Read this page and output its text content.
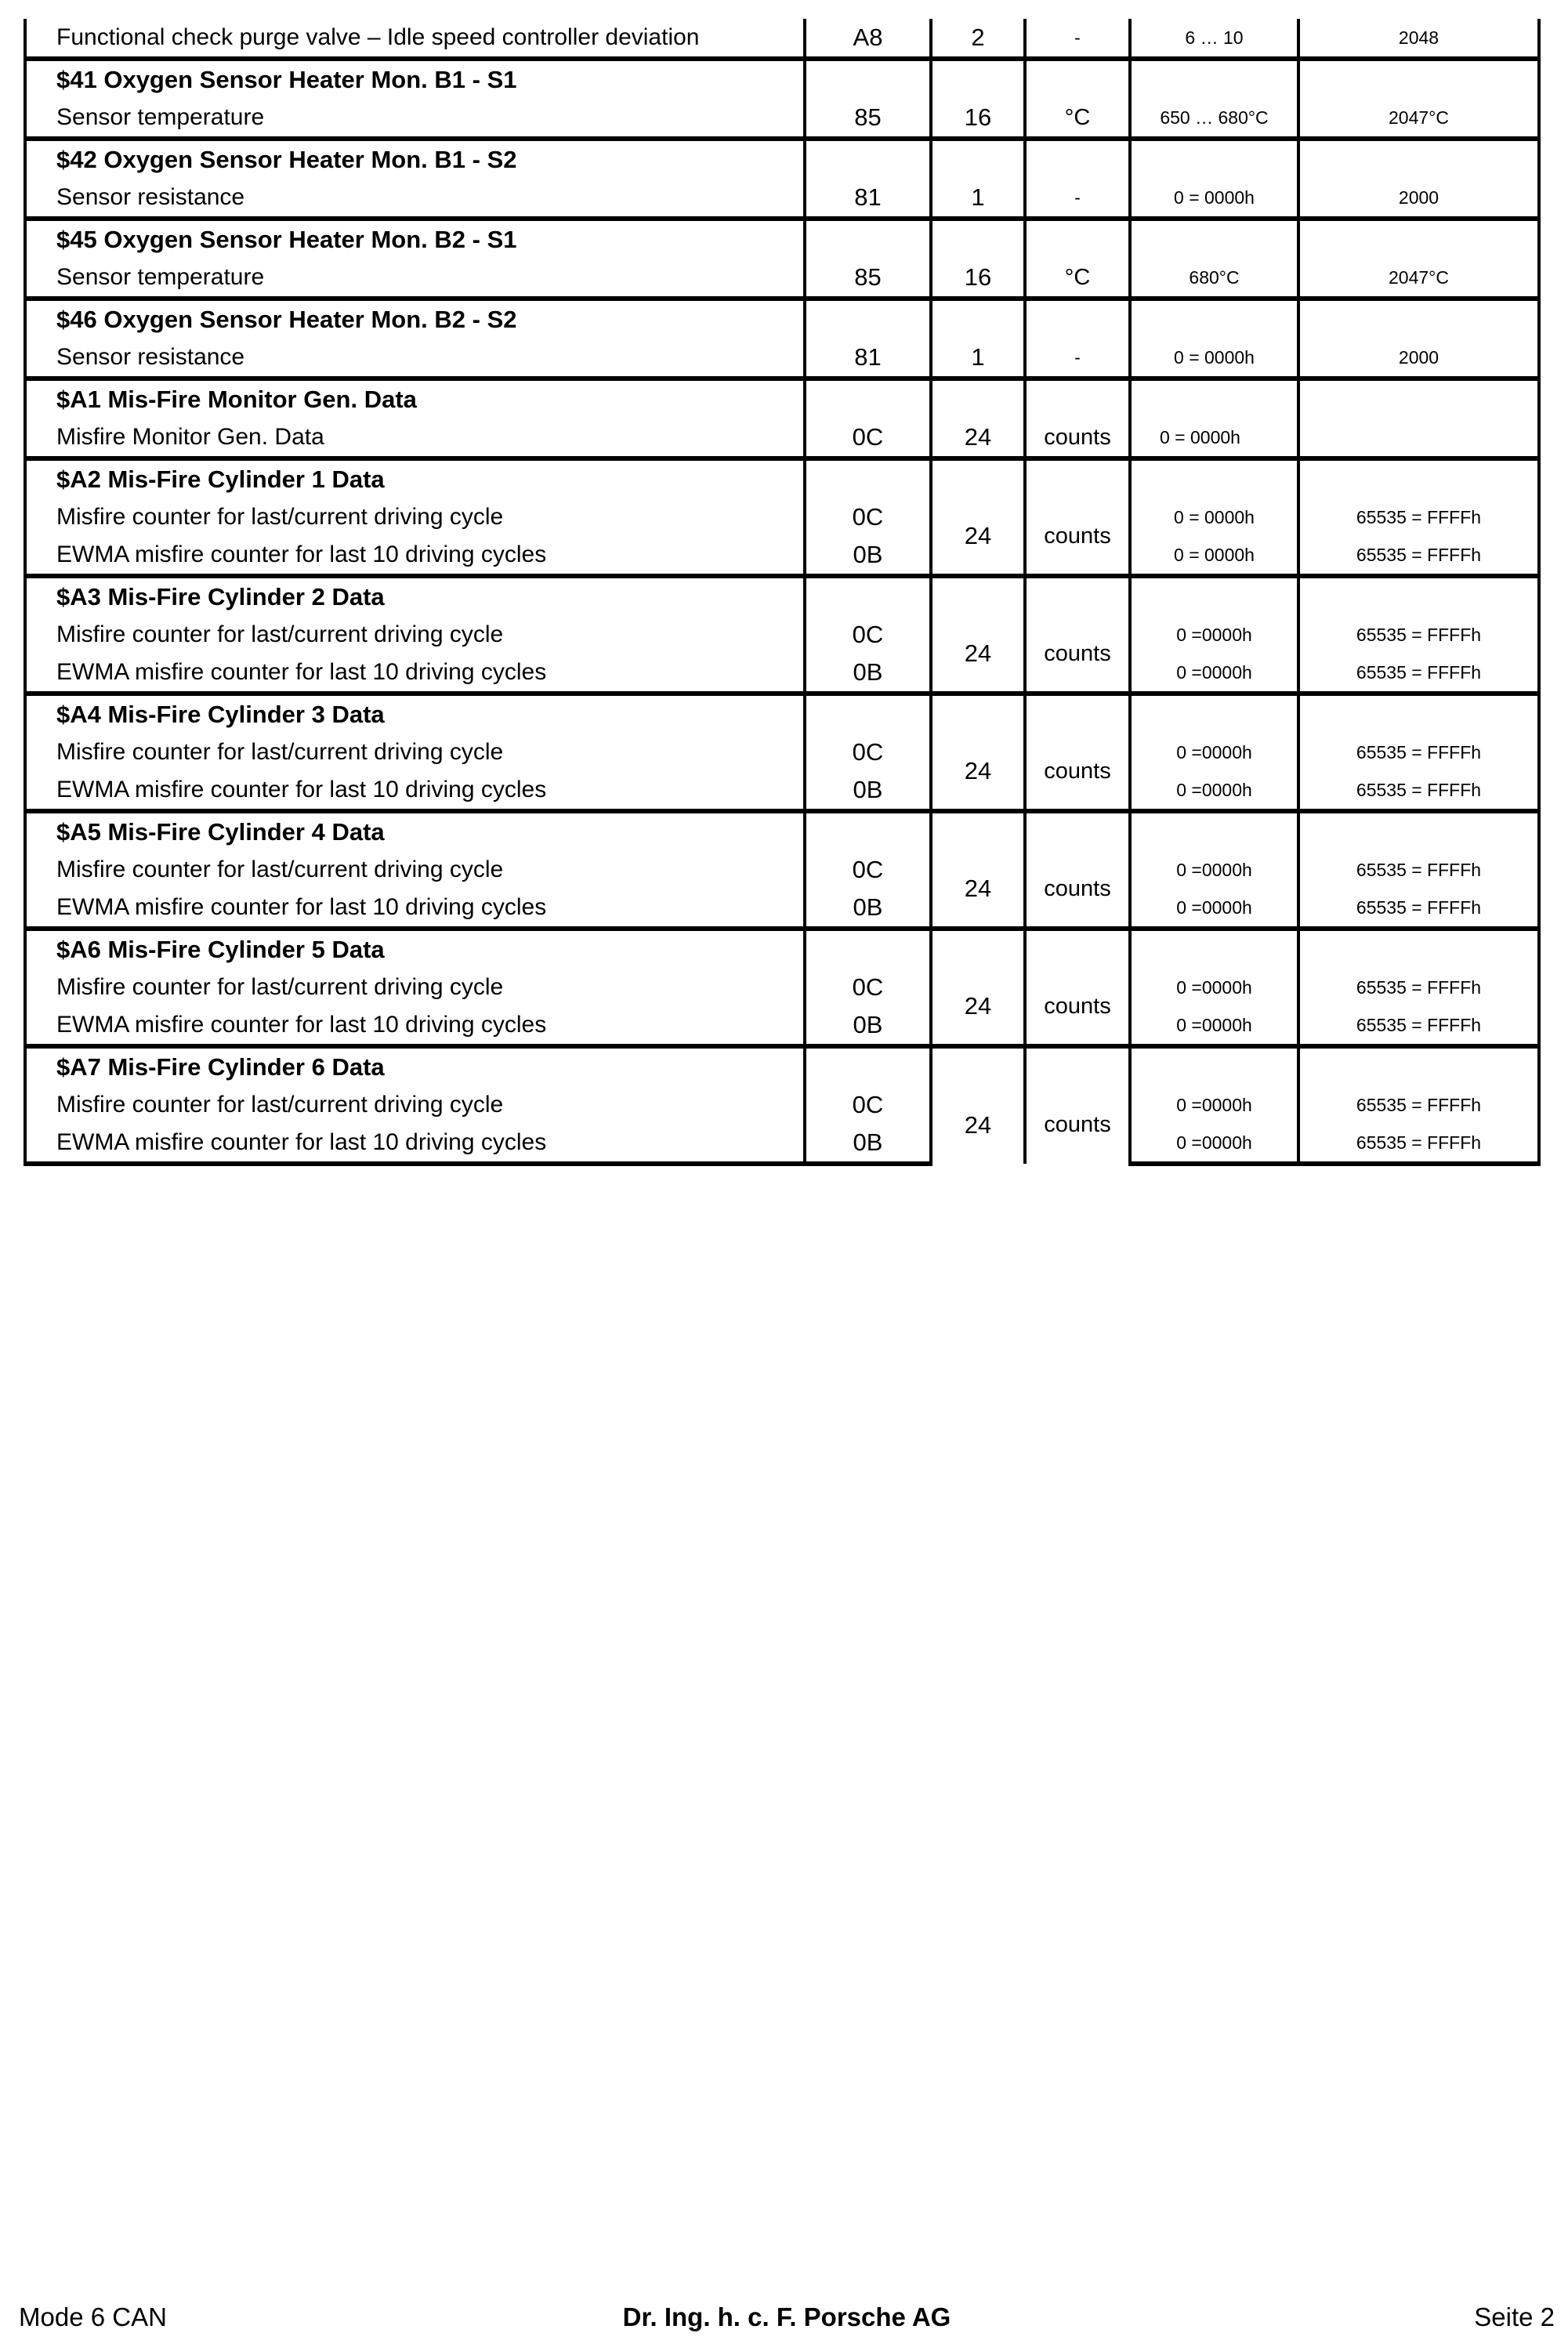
Functional check purge valve – Idle speed controller deviation	A8	2	-	6 … 10	2048
$41 Oxygen Sensor Heater Mon. B1 - S1					
Sensor temperature	85	16	°C	650 … 680°C	2047°C
$42 Oxygen Sensor Heater Mon. B1 - S2					
Sensor resistance	81	1	-	0 = 0000h	2000
$45 Oxygen Sensor Heater Mon. B2 - S1					
Sensor temperature	85	16	°C	680°C	2047°C
$46 Oxygen Sensor Heater Mon. B2 - S2					
Sensor resistance	81	1	-	0 = 0000h	2000
$A1 Mis-Fire Monitor Gen. Data					
Misfire Monitor Gen. Data	0C	24	counts	0 = 0000h	
$A2 Mis-Fire Cylinder 1 Data					
Misfire counter for last/current driving cycle	0C	24	counts	0 = 0000h	65535 = FFFFh
EWMA misfire counter for last 10 driving cycles	0B			0 = 0000h	65535 = FFFFh
$A3 Mis-Fire Cylinder 2 Data					
Misfire counter for last/current driving cycle	0C	24	counts	0 =0000h	65535 = FFFFh
EWMA misfire counter for last 10 driving cycles	0B			0 =0000h	65535 = FFFFh
$A4 Mis-Fire Cylinder 3 Data					
Misfire counter for last/current driving cycle	0C	24	counts	0 =0000h	65535 = FFFFh
EWMA misfire counter for last 10 driving cycles	0B			0 =0000h	65535 = FFFFh
$A5 Mis-Fire Cylinder 4 Data					
Misfire counter for last/current driving cycle	0C	24	counts	0 =0000h	65535 = FFFFh
EWMA misfire counter for last 10 driving cycles	0B			0 =0000h	65535 = FFFFh
$A6 Mis-Fire Cylinder 5 Data					
Misfire counter for last/current driving cycle	0C	24	counts	0 =0000h	65535 = FFFFh
EWMA misfire counter for last 10 driving cycles	0B			0 =0000h	65535 = FFFFh
$A7 Mis-Fire Cylinder 6 Data					
Misfire counter for last/current driving cycle	0C	24	counts	0 =0000h	65535 = FFFFh
EWMA misfire counter for last 10 driving cycles	0B			0 =0000h	65535 = FFFFh
Mode 6 CAN	Dr. Ing. h. c. F. Porsche AG	Seite 2
